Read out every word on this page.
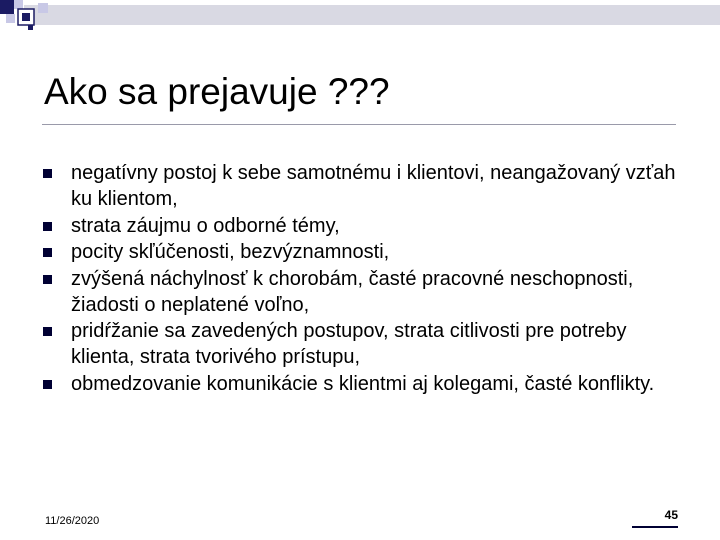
Ako sa prejavuje ???
negatívny postoj k sebe samotnému i klientovi, neangažovaný vzťah ku klientom,
strata záujmu o odborné témy,
pocity skľúčenosti, bezvýznamnosti,
zvýšená náchylnosť k chorobám, časté pracovné neschopnosti, žiadosti o neplatené voľno,
pridŕžanie sa zavedených postupov, strata citlivosti pre potreby klienta, strata tvorivého prístupu,
obmedzovanie komunikácie s klientmi aj kolegami, časté konflikty.
11/26/2020	45
